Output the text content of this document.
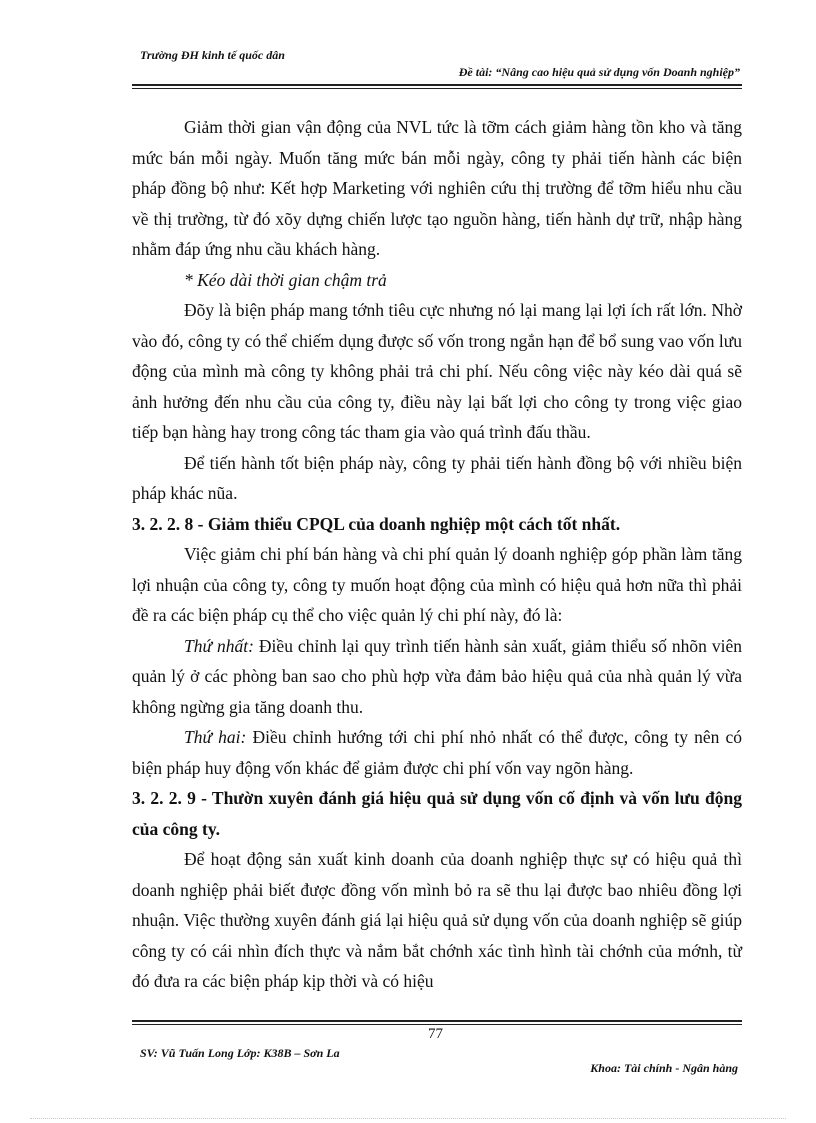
Trường ĐH kinh tế quốc dân
Đề tài: “Nâng cao hiệu quả sử dụng vốn Doanh nghiệp”

Giảm thời gian vận động của NVL tức là tỡm cách giảm hàng tồn kho và tăng mức bán mỗi ngày. Muốn tăng mức bán mỗi ngày, công ty phải tiến hành các biện pháp đồng bộ như: Kết hợp Marketing với nghiên cứu thị trường để tỡm hiểu nhu cầu về thị trường, từ đó xõy dựng chiến lược tạo nguồn hàng, tiến hành dự trữ, nhập hàng nhằm đáp ứng nhu cầu khách hàng.

* Kéo dài thời gian chậm trả

Đõy là biện pháp mang tớnh tiêu cực nhưng nó lại mang lại lợi ích rất lớn. Nhờ vào đó, công ty có thể chiếm dụng được số vốn trong ngắn hạn để bổ sung vao vốn lưu động của mình mà công ty không phải trả chi phí. Nếu công việc này kéo dài quá sẽ ảnh hưởng đến nhu cầu của công ty, điều này lại bất lợi cho công ty trong việc giao tiếp bạn hàng hay trong công tác tham gia vào quá trình đấu thầu.

Để tiến hành tốt biện pháp này, công ty phải tiến hành đồng bộ với nhiều biện pháp khác nũa.

3. 2. 2. 8 - Giảm thiểu CPQL của doanh nghiệp một cách tốt nhất.

Việc giảm chi phí bán hàng và chi phí quản lý doanh nghiệp góp phần làm tăng lợi nhuận của công ty, công ty muốn hoạt động của mình có hiệu quả hơn nữa thì phải đề ra các biện pháp cụ thể cho việc quản lý chi phí này, đó là:

Thứ nhất: Điều chỉnh lại quy trình tiến hành sản xuất, giảm thiểu số nhõn viên quản lý ở các phòng ban sao cho phù hợp vừa đảm bảo hiệu quả của nhà quản lý vừa không ngừng gia tăng doanh thu.

Thứ hai: Điều chỉnh hướng tới chi phí nhỏ nhất có thể được, công ty nên có biện pháp huy động vốn khác để giảm được chi phí vốn vay ngõn hàng.

3. 2. 2. 9 - Thườn xuyên đánh giá hiệu quả sử dụng vốn cố định và vốn lưu động của công ty.

Để hoạt động sản xuất kinh doanh của doanh nghiệp thực sự có hiệu quả thì doanh nghiệp phải biết được đồng vốn mình bỏ ra sẽ thu lại được bao nhiêu đồng lợi nhuận. Việc thường xuyên đánh giá lại hiệu quả sử dụng vốn của doanh nghiệp sẽ giúp công ty có cái nhìn đích thực và nắm bắt chớnh xác tình hình tài chớnh của mớnh, từ đó đưa ra các biện pháp kịp thời và có hiệu

77
SV: Vũ Tuấn Long Lớp: K38B – Sơn La
Khoa: Tài chính - Ngân hàng
